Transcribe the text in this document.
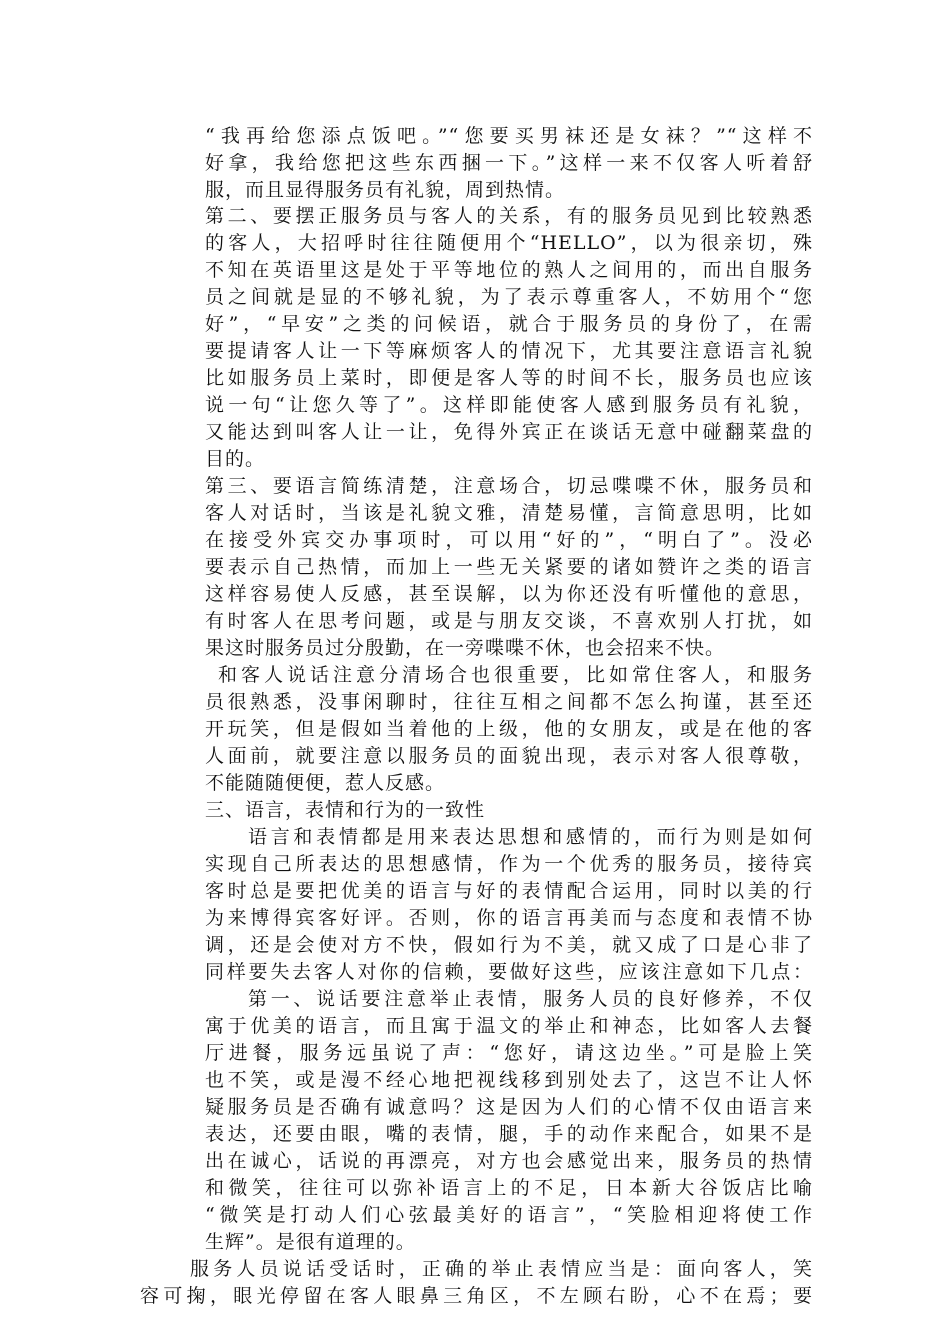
“我再给您添点饭吧。”“您要买男袜还是女袜？”“这样不
好拿，我给您把这些东西捆一下。”这样一来不仅客人听着舒
服，而且显得服务员有礼貌，周到热情。
第二、要摆正服务员与客人的关系，有的服务员见到比较熟悉
的客人，大招呼时往往随便用个“HELLO”，以为很亲切，殊
不知在英语里这是处于平等地位的熟人之间用的，而出自服务
员之间就是显的不够礼貌，为了表示尊重客人，不妨用个“您
好”，“早安”之类的问候语，就合于服务员的身份了，在需
要提请客人让一下等麻烦客人的情况下，尤其要注意语言礼貌
比如服务员上菜时，即便是客人等的时间不长，服务员也应该
说一句“让您久等了”。这样即能使客人感到服务员有礼貌，
又能达到叫客人让一让，免得外宾正在谈话无意中碰翻菜盘的
目的。
第三、要语言简练清楚，注意场合，切忌喋喋不休，服务员和
客人对话时，当该是礼貌文雅，清楚易懂，言简意思明，比如
在接受外宾交办事项时，可以用“好的”，“明白了”。没必
要表示自己热情，而加上一些无关紧要的诸如赞许之类的语言
这样容易使人反感，甚至误解，以为你还没有听懂他的意思，
有时客人在思考问题，或是与朋友交谈，不喜欢别人打扰，如
果这时服务员过分殷勤，在一旁喋喋不休，也会招来不快。
和客人说话注意分清场合也很重要，比如常住客人，和服务
员很熟悉，没事闲聊时，往往互相之间都不怎么拘谨，甚至还
开玩笑，但是假如当着他的上级，他的女朋友，或是在他的客
人面前，就要注意以服务员的面貌出现，表示对客人很尊敬，
不能随随便便，惹人反感。
三、语言，表情和行为的一致性
语言和表情都是用来表达思想和感情的，而行为则是如何
实现自己所表达的思想感情，作为一个优秀的服务员，接待宾
客时总是要把优美的语言与好的表情配合运用，同时以美的行
为来博得宾客好评。否则，你的语言再美而与态度和表情不协
调，还是会使对方不快，假如行为不美，就又成了口是心非了
同样要失去客人对你的信赖，要做好这些，应该注意如下几点：
第一、说话要注意举止表情，服务人员的良好修养，不仅
寓于优美的语言，而且寓于温文的举止和神态，比如客人去餐
厅进餐，服务远虽说了声：“您好，请这边坐。”可是脸上笑
也不笑，或是漫不经心地把视线移到别处去了，这岂不让人怀
疑服务员是否确有诚意吗？这是因为人们的心情不仅由语言来
表达，还要由眼，嘴的表情，腿，手的动作来配合，如果不是
出在诚心，话说的再漂亮，对方也会感觉出来，服务员的热情
和微笑，往往可以弥补语言上的不足，日本新大谷饭店比喻
“微笑是打动人们心弦最美好的语言”，“笑脸相迎将使工作
生辉”。是很有道理的。
服务人员说话受话时，正确的举止表情应当是：面向客人，笑
容可掬，眼光停留在客人眼鼻三角区，不左顾右盼，心不在焉；要
